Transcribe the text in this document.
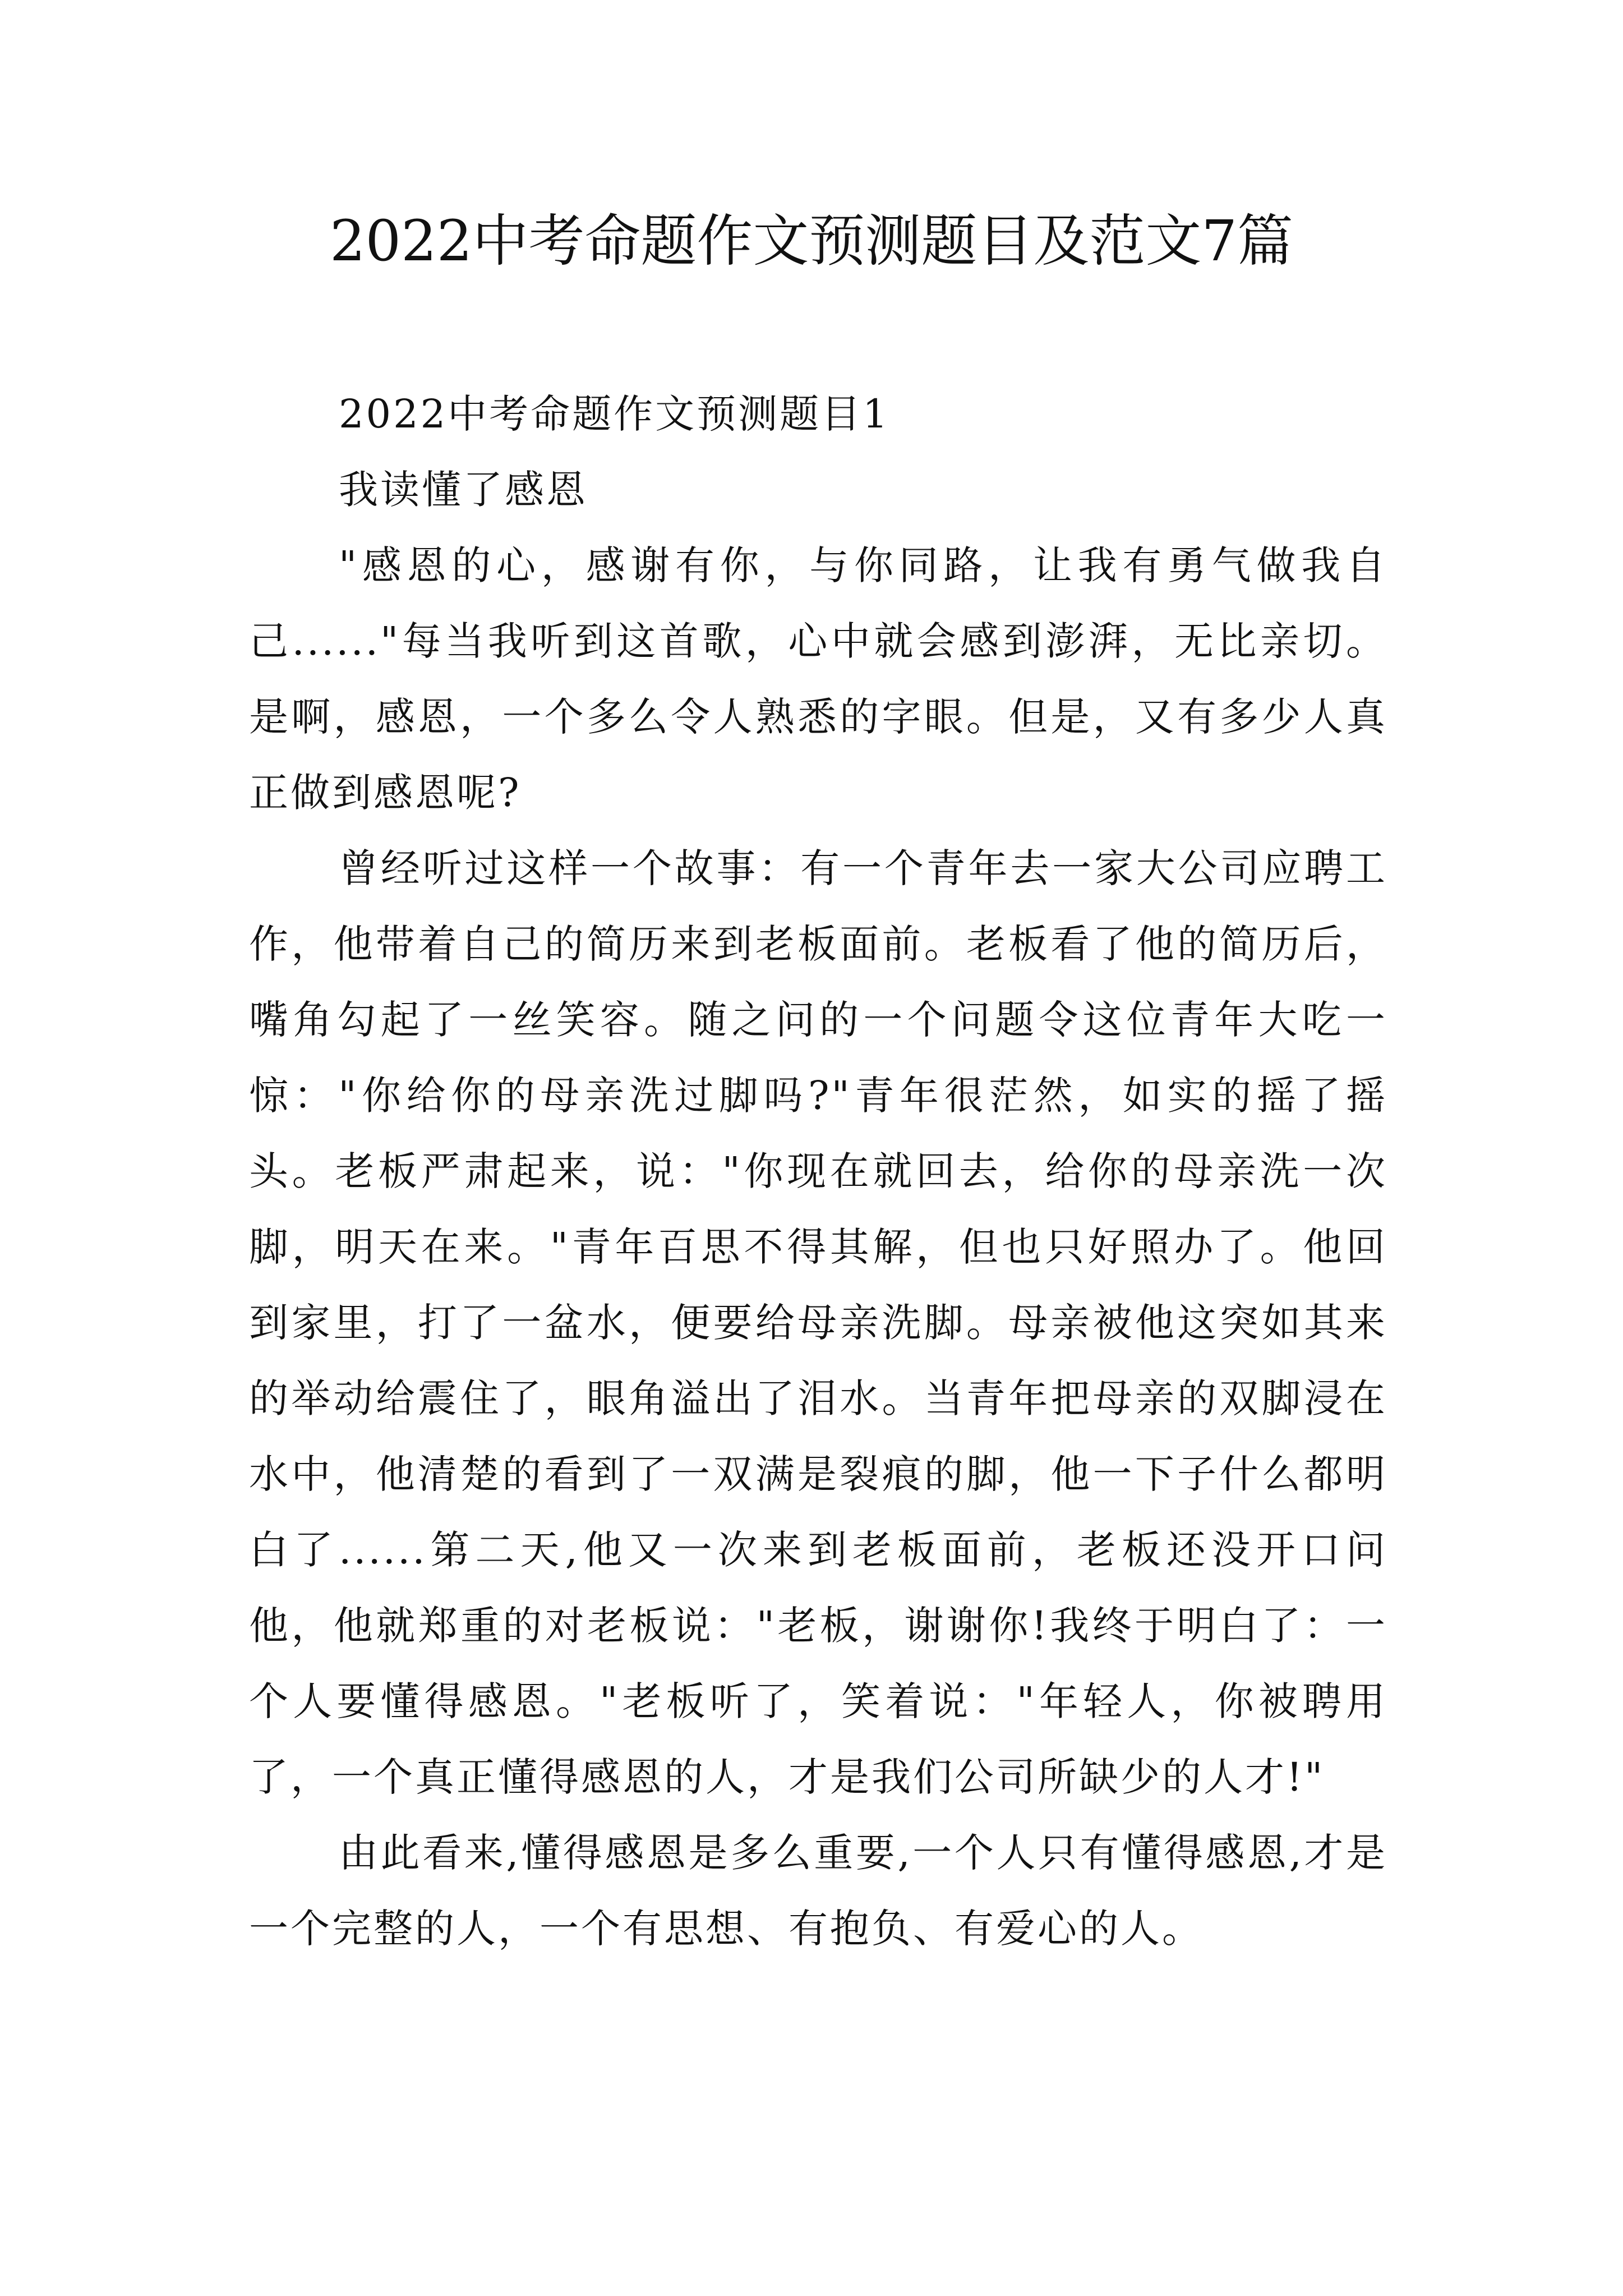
2022中考命题作文预测题目及范文7篇

2022中考命题作文预测题目1

我读懂了感恩

"感恩的心，感谢有你，与你同路，让我有勇气做我自己......"每当我听到这首歌，心中就会感到澎湃，无比亲切。是啊，感恩，一个多么令人熟悉的字眼。但是，又有多少人真正做到感恩呢?

曾经听过这样一个故事：有一个青年去一家大公司应聘工作，他带着自己的简历来到老板面前。老板看了他的简历后，嘴角勾起了一丝笑容。随之问的一个问题令这位青年大吃一惊："你给你的母亲洗过脚吗?"青年很茫然，如实的摇了摇头。老板严肃起来，说："你现在就回去，给你的母亲洗一次脚，明天在来。"青年百思不得其解，但也只好照办了。他回到家里，打了一盆水，便要给母亲洗脚。母亲被他这突如其来的举动给震住了，眼角溢出了泪水。当青年把母亲的双脚浸在水中，他清楚的看到了一双满是裂痕的脚，他一下子什么都明白了......第二天,他又一次来到老板面前，老板还没开口问他，他就郑重的对老板说："老板，谢谢你!我终于明白了：一个人要懂得感恩。"老板听了，笑着说："年轻人，你被聘用了，一个真正懂得感恩的人，才是我们公司所缺少的人才!"

由此看来,懂得感恩是多么重要,一个人只有懂得感恩,才是一个完整的人，一个有思想、有抱负、有爱心的人。
